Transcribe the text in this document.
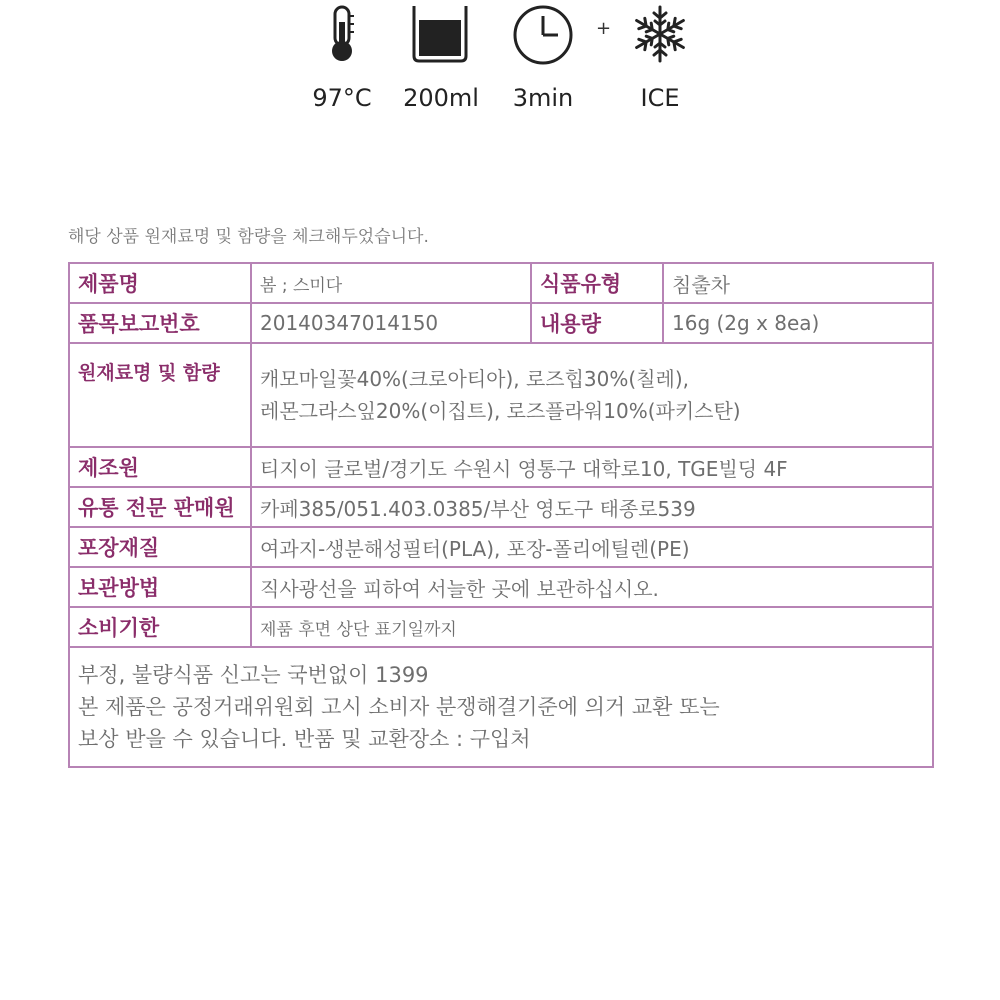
+
97°C 200ml 3min	ICE
해당 상품 원재료명 및 함량을 체크해두었습니다.
제품명	봄 ; 스미다	식품유형	침출차
품목보고번호	20140347014150	내용량	16g (2g x 8ea)
원재료명 및 함량	캐모마일꽃40%(크로아티아), 로즈힙30%(칠레),
레몬그라스잎20%(이집트), 로즈플라워10%(파키스탄)		

제조원	티지이 글로벌/경기도 수원시 영통구 대학로10, TGE빌딩 4F		
유통 전문 판매원	카페385/051.403.0385/부산 영도구 태종로539		
포장재질	여과지-생분해성필터(PLA), 포장-폴리에틸렌(PE)		
보관방법	직사광선을 피하여 서늘한 곳에 보관하십시오.		
소비기한	제품 후면 상단 표기일까지		

부정, 불량식품 신고는 국번없이 1399
본 제품은 공정거래위원회 고시 소비자 분쟁해결기준에 의거 교환 또는
보상 받을 수 있습니다. 반품 및 교환장소 : 구입처			
